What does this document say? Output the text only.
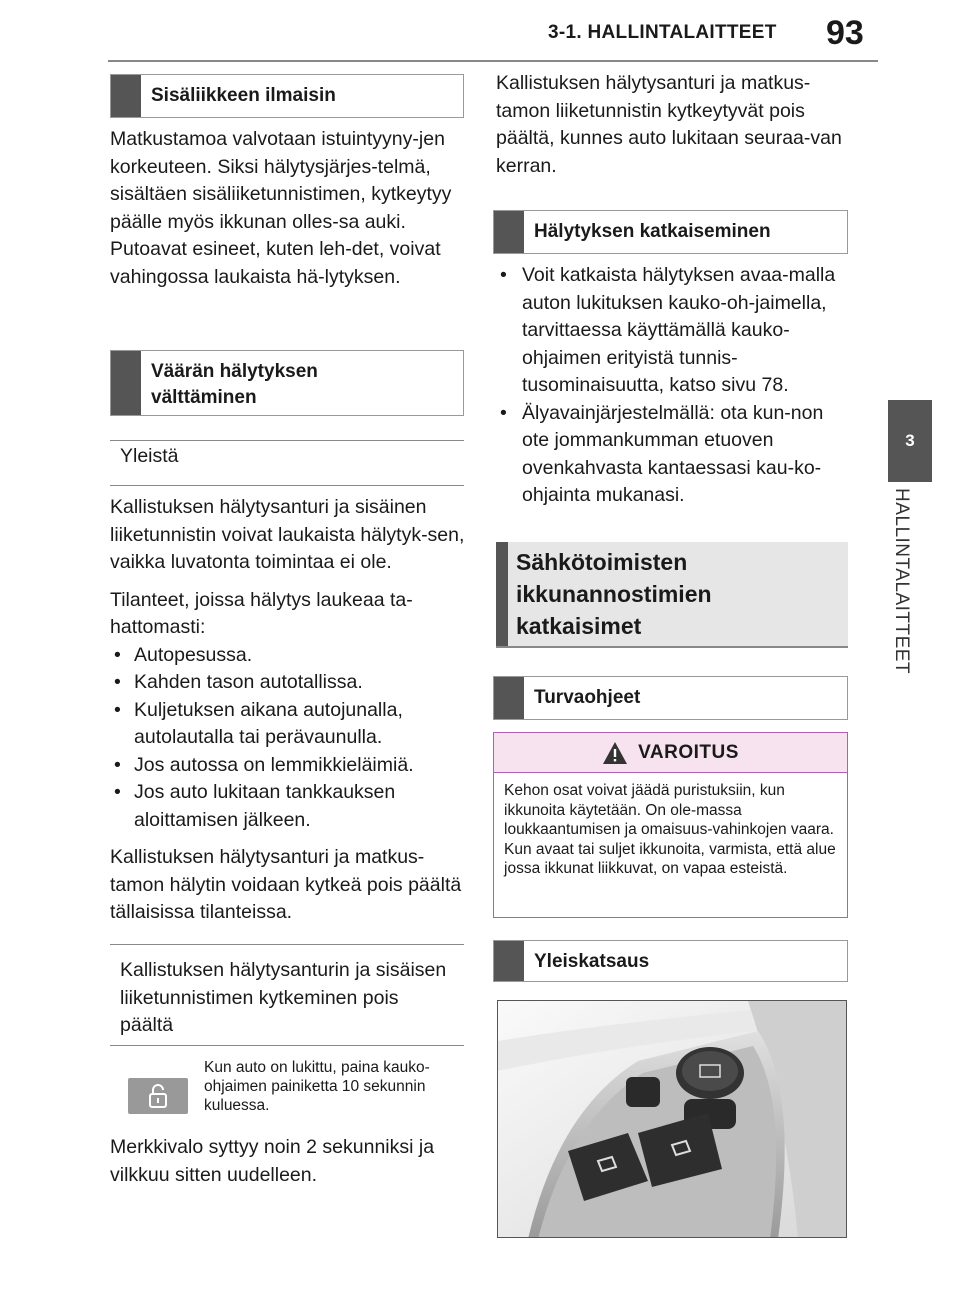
3-1. HALLINTALAITTEET 93
3
HALLINTALAITTEET
Sisäliikkeen ilmaisin

Matkustamoa valvotaan istuintyyny-jen korkeuteen. Siksi hälytysjärjes-telmä, sisältäen sisäliiketunnistimen, kytkeytyy päälle myös ikkunan olles-sa auki. Putoavat esineet, kuten leh-det, voivat vahingossa laukaista hä-lytyksen.

Väärän hälytyksen välttäminen
Yleistä

Kallistuksen hälytysanturi ja sisäinen liiketunnistin voivat laukaista hälytyk-sen, vaikka luvatonta toimintaa ei ole.

Tilanteet, joissa hälytys laukeaa ta-hattomasti:

• Autopesussa.
• Kahden tason autotallissa.
• Kuljetuksen aikana autojunalla, autolautalla tai perävaunulla.
• Jos autossa on lemmikkieläimiä.
• Jos auto lukitaan tankkauksen aloittamisen jälkeen.

Kallistuksen hälytysanturi ja matkus-tamon hälytin voidaan kytkeä pois päältä tällaisissa tilanteissa.

Kallistuksen hälytysanturin ja sisäisen liiketunnistimen kytkeminen pois päältä
Kun auto on lukittu, paina kauko-ohjaimen painiketta 10 sekunnin kuluessa.

Merkkivalo syttyy noin 2 sekunniksi ja vilkkuu sitten uudelleen.

Kallistuksen hälytysanturi ja matkus-tamon liiketunnistin kytkeytyvät pois päältä, kunnes auto lukitaan seuraa-van kerran.

Hälytyksen katkaiseminen
• Voit katkaista hälytyksen avaa-malla auton lukituksen kauko-oh-jaimella, tarvittaessa käyttämällä kauko-ohjaimen erityistä tunnis-tusominaisuutta, katso sivu 78.
• Älyavainjärjestelmällä: ota kun-non ote jommankumman etuoven ovenkahvasta kantaessasi kau-ko-ohjainta mukanasi.
Sähkötoimisten ikkunannostimien katkaisimet
Turvaohjeet
VAROITUS
Kehon osat voivat jäädä puristuksiin, kun ikkunoita käytetään. On ole-massa loukkaantumisen ja omaisuus-vahinkojen vaara. Kun avaat tai suljet ikkunoita, varmista, että alue jossa ikkunat liikkuvat, on vapaa esteistä.
Yleiskatsaus
